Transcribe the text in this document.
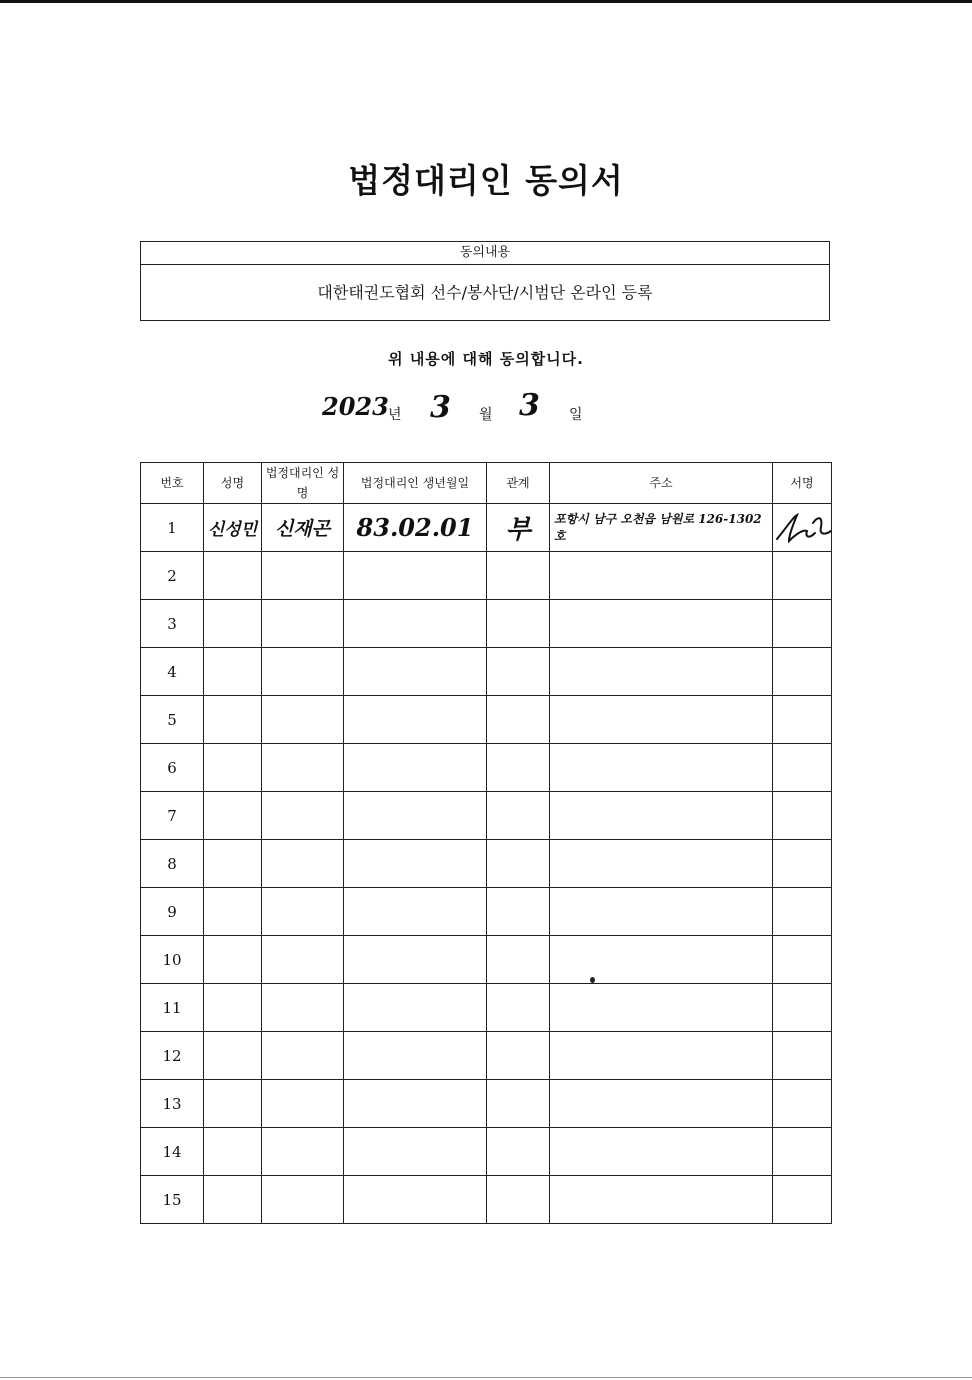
법정대리인 동의서
동의내용
대한태권도협회 선수/봉사단/시범단 온라인 등록
위 내용에 대해 동의합니다.
2023 년 3 월 3 일
번호	성명	법정대리인 성명	법정대리인 생년월일	관계	주소	서명
1	신성민	신재곤	83.02.01	부	포항시 남구 오천읍 남원로 126-1302호	

2						
3						
4						
5						
6						
7						
8						
9						
10						
11						
12						
13						
14						
15						
